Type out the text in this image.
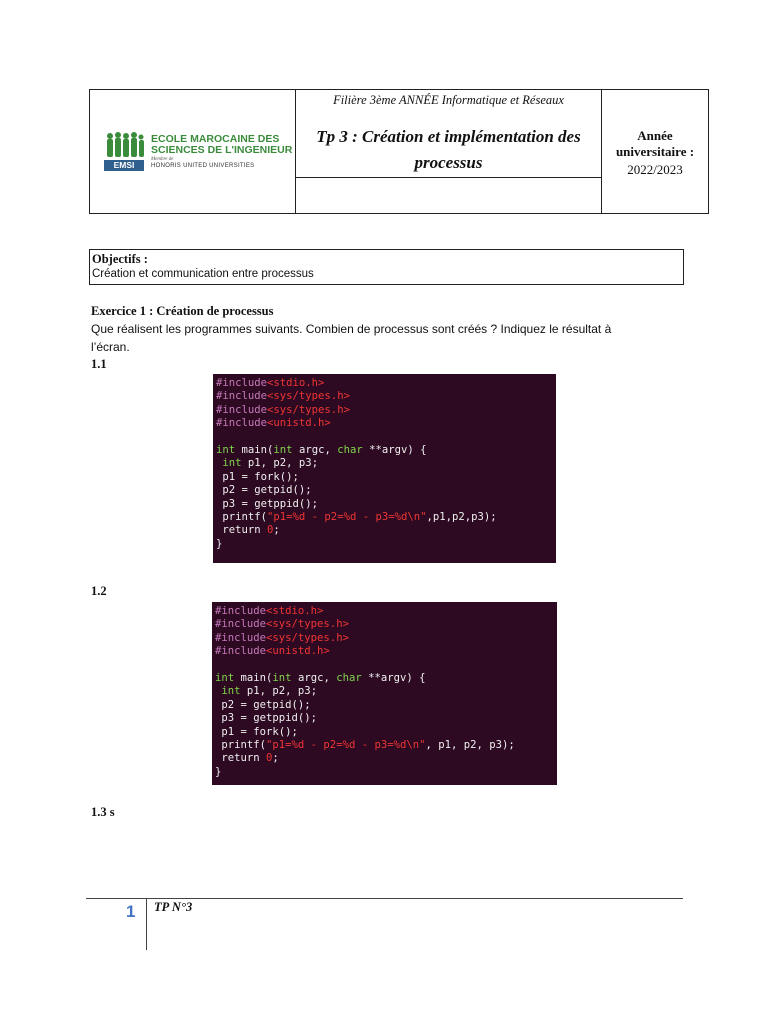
EMSI
ECOLE MAROCAINE DES
SCIENCES DE L'INGENIEUR
Membre de
HONORIS UNITED UNIVERSITIES
Filière 3ème ANNÉE Informatique et Réseaux
Tp 3 : Création et implémentation des processus
Année universitaire :
2022/2023
Objectifs :
Création et communication entre processus
Exercice 1 : Création de processus
Que réalisent les programmes suivants. Combien de processus sont créés ? Indiquez le résultat à l’écran.
1.1
#include<stdio.h>
#include<sys/types.h>
#include<sys/types.h>
#include<unistd.h>

int main(int argc, char **argv) {
int p1, p2, p3;
p1 = fork();
p2 = getpid();
p3 = getppid();
printf("p1=%d - p2=%d - p3=%d\n",p1,p2,p3);
return 0;
}
1.2
#include<stdio.h>
#include<sys/types.h>
#include<sys/types.h>
#include<unistd.h>

int main(int argc, char **argv) {
int p1, p2, p3;
p2 = getpid();
p3 = getppid();
p1 = fork();
printf("p1=%d - p2=%d - p3=%d\n", p1, p2, p3);
return 0;
}
1.3 s
1 TP N°3
